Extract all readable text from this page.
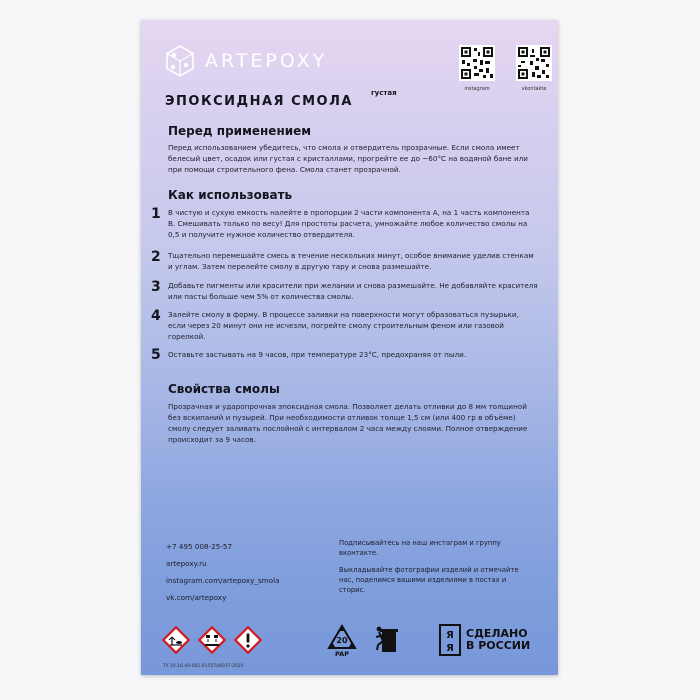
ARTEPOXY
ЭПОКСИДНАЯ СМОЛА
густая	instagram	vkontakte
Перед применением

Перед использованием убедитесь, что смола и отвердитель прозрачные. Если смола имеет белесый цвет, осадок или густая с кристаллами, прогрейте ее до ~60°С на водяной бане или при помощи строительного фена. Смола станет прозрачной.

Как использовать
1 В чистую и сухую емкость налейте в пропорции 2 части компонента А, на 1 часть компонента В. Смешивать только по весу! Для простоты расчета, умножайте любое количество смолы на 0,5 и получите нужное количество отвердителя.

2 Тщательно перемешайте смесь в течение нескольких минут, особое внимание уделив стенкам и углам. Затем перелейте смолу в другую тару и снова размешайте.

3 Добавьте пигменты или красители при желании и снова размешайте. Не добавляйте красителя или пасты больше чем 5% от количества смолы.

4 Залейте смолу в форму. В процессе заливки на поверхности могут образоваться пузырьки, если через 20 минут они не исчезли, погрейте смолу строительным феном или газовой горелкой.

5 Оставьте застывать на 9 часов, при температуре 23°С, предохраняя от пыли.

Свойства смолы

Прозрачная и ударопрочная эпоксидная смола. Позволяет делать отливки до 8 мм толщиной без вскипаний и пузырей. При необходимости отливок толще 1,5 см (или 400 гр в объёме) смолу следует заливать послойной с интервалом 2 часа между слоями. Полное отверждение происходит за 9 часов.

+7 495 008-25-57
artepoxy.ru
instagram.com/artepoxy_smola
vk.com/artepoxy

Подписывайтесь на наш инстаграм и группу вконтакте.

Выкладывайте фотографии изделий и отмечайте нас, поделимся вашими изделиями в постах и сторис.

20
PAP
Я
Я
СДЕЛАНО
В РОССИИ
ТУ 20.16.40-002-01557460З7-2020
